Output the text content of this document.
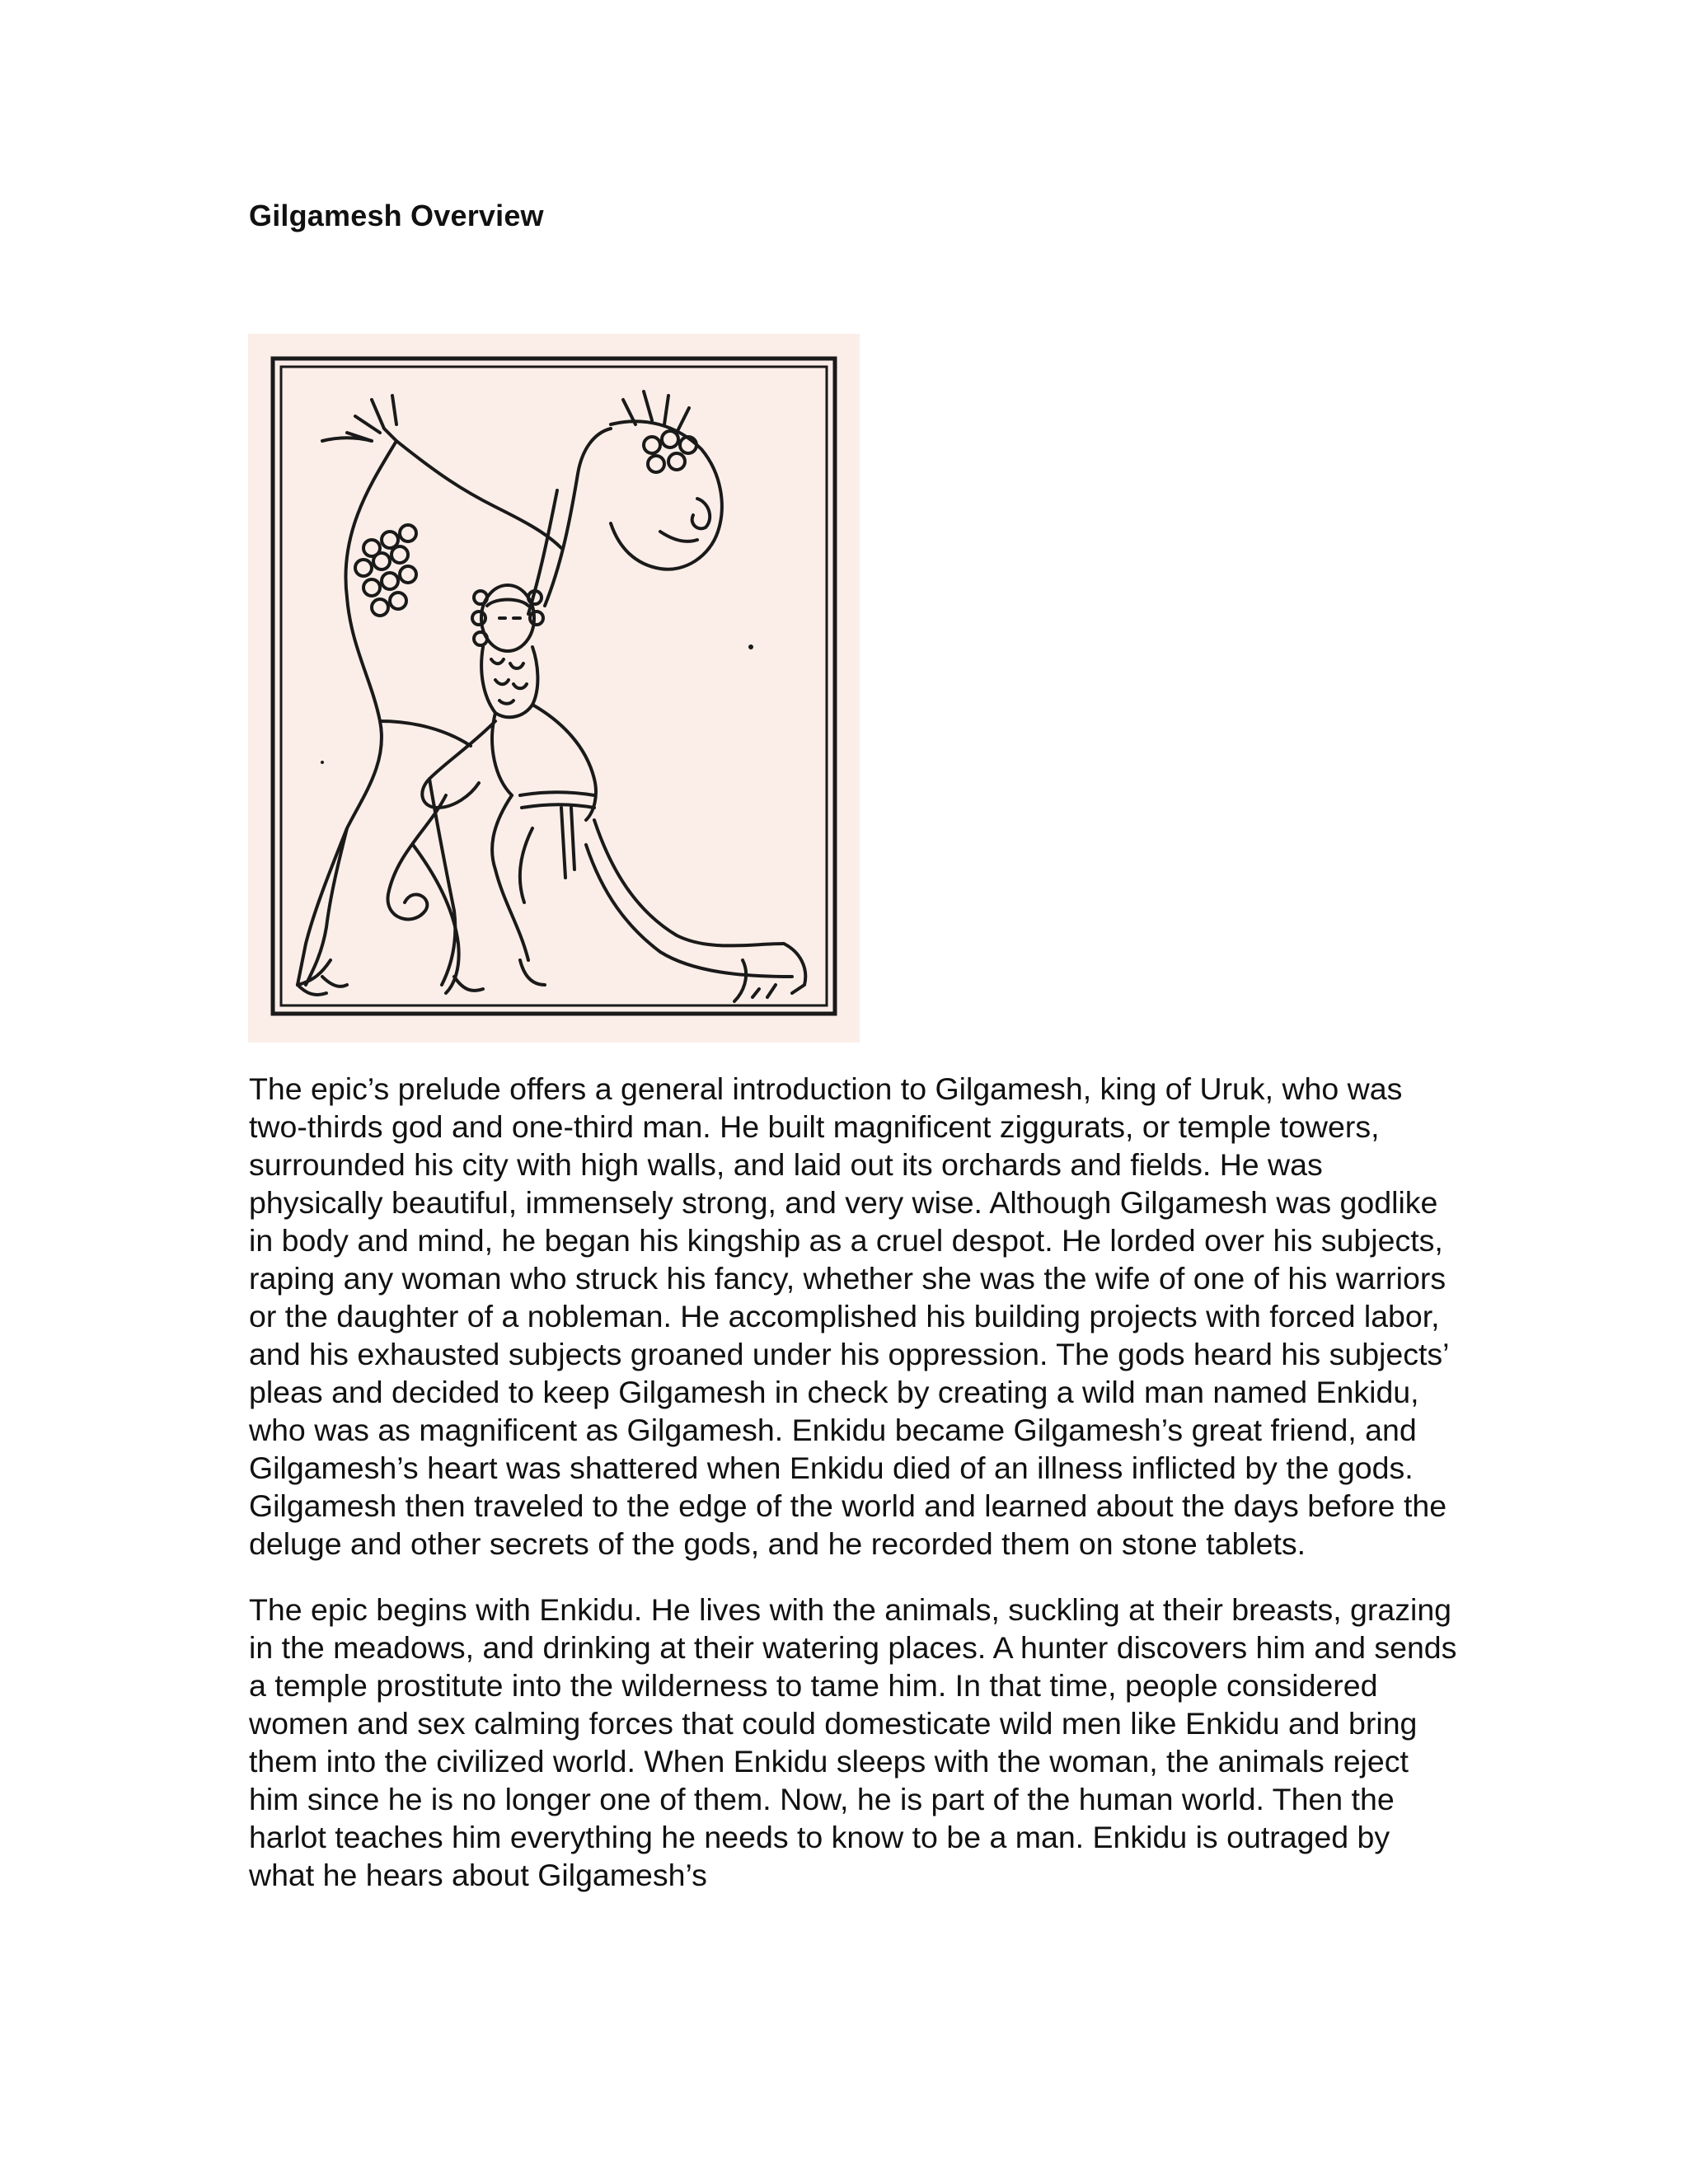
Gilgamesh Overview

The epic’s prelude offers a general introduction to Gilgamesh, king of Uruk, who was two-thirds god and one-third man. He built magnificent ziggurats, or temple towers, surrounded his city with high walls, and laid out its orchards and fields. He was physically beautiful, immensely strong, and very wise. Although Gilgamesh was godlike in body and mind, he began his kingship as a cruel despot. He lorded over his subjects, raping any woman who struck his fancy, whether she was the wife of one of his warriors or the daughter of a nobleman. He accomplished his building projects with forced labor, and his exhausted subjects groaned under his oppression. The gods heard his subjects’ pleas and decided to keep Gilgamesh in check by creating a wild man named Enkidu, who was as magnificent as Gilgamesh. Enkidu became Gilgamesh’s great friend, and Gilgamesh’s heart was shattered when Enkidu died of an illness inflicted by the gods. Gilgamesh then traveled to the edge of the world and learned about the days before the deluge and other secrets of the gods, and he recorded them on stone tablets.

The epic begins with Enkidu. He lives with the animals, suckling at their breasts, grazing in the meadows, and drinking at their watering places. A hunter discovers him and sends a temple prostitute into the wilderness to tame him. In that time, people considered women and sex calming forces that could domesticate wild men like Enkidu and bring them into the civilized world. When Enkidu sleeps with the woman, the animals reject him since he is no longer one of them. Now, he is part of the human world. Then the harlot teaches him everything he needs to know to be a man. Enkidu is outraged by what he hears about Gilgamesh’s
